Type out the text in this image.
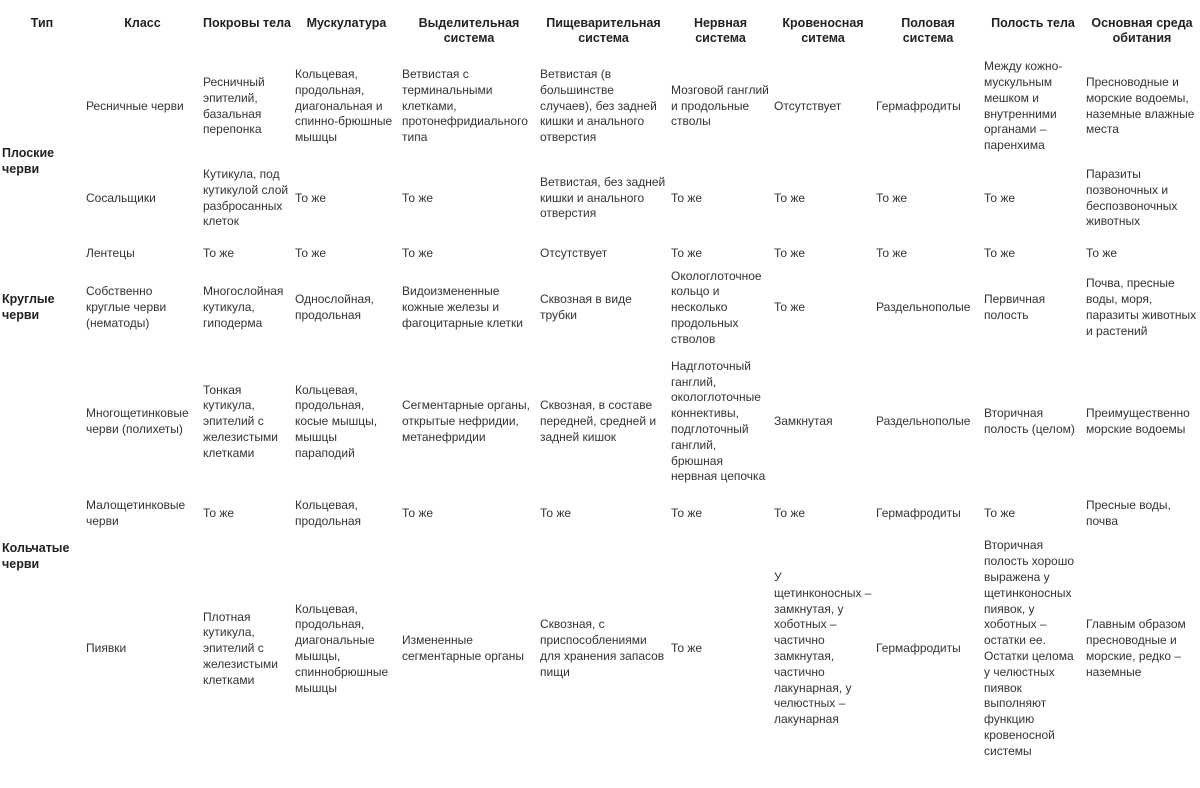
Тип	Класс	Покровы тела	Мускулатура	Выделительная система	Пищеварительная система	Нервная система	Кровеносная ситема	Половая система	Полость тела	Основная среда обитания
Плоские черви	Ресничные черви	Ресничный эпителий, базальная перепонка	Кольцевая, продольная, диагональная и спинно-брюшные мышцы	Ветвистая с терминальными клетками, протонефридиального типа	Ветвистая (в большинстве случаев), без задней кишки и анального отверстия	Мозговой ганглий и продольные стволы	Отсутствует	Гермафродиты	Между кожно-мускульным мешком и внутренними органами – паренхима	Пресноводные и морские водоемы, наземные влажные места
	Сосальщики	Кутикула, под кутикулой слой разбросанных клеток	То же	То же	Ветвистая, без задней кишки и анального отверстия	То же	То же	То же	То же	Паразиты позвоночных и беспозвоночных животных
	Лентецы	То же	То же	То же	Отсутствует	То же	То же	То же	То же	То же
Круглые черви	Собственно круглые черви (нематоды)	Многослойная кутикула, гиподерма	Однослойная, продольная	Видоизмененные кожные железы и фагоцитарные клетки	Сквозная в виде трубки	Окологлоточное кольцо и несколько продольных стволов	То же	Раздельнополые	Первичная полость	Почва, пресные воды, моря, паразиты животных и растений
Кольчатые черви	Многощетинковые черви (полихеты)	Тонкая кутикула, эпителий с железистыми клетками	Кольцевая, продольная, косые мышцы, мышцы параподий	Сегментарные органы, открытые нефридии, метанефридии	Сквозная, в составе передней, средней и задней кишок	Надглоточный ганглий, окологлоточные коннективы, подглоточный ганглий, брюшная нервная цепочка	Замкнутая	Раздельнополые	Вторичная полость (целом)	Преимущественно морские водоемы
	Малощетинковые черви	То же	Кольцевая, продольная	То же	То же	То же	То же	Гермафродиты	То же	Пресные воды, почва
	Пиявки	Плотная кутикула, эпителий с железистыми клетками	Кольцевая, продольная, диагональные мышцы, спиннобрюшные мышцы	Измененные сегментарные органы	Сквозная, с приспособлениями для хранения запасов пищи	То же	У щетинконосных – замкнутая, у хоботных – частично замкнутая, частично лакунарная, у челюстных – лакунарная	Гермафродиты	Вторичная полость хорошо выражена у щетинконосных пиявок, у хоботных – остатки ее. Остатки целома у челюстных пиявок выполняют функцию кровеносной системы	Главным образом пресноводные и морские, редко – наземные
